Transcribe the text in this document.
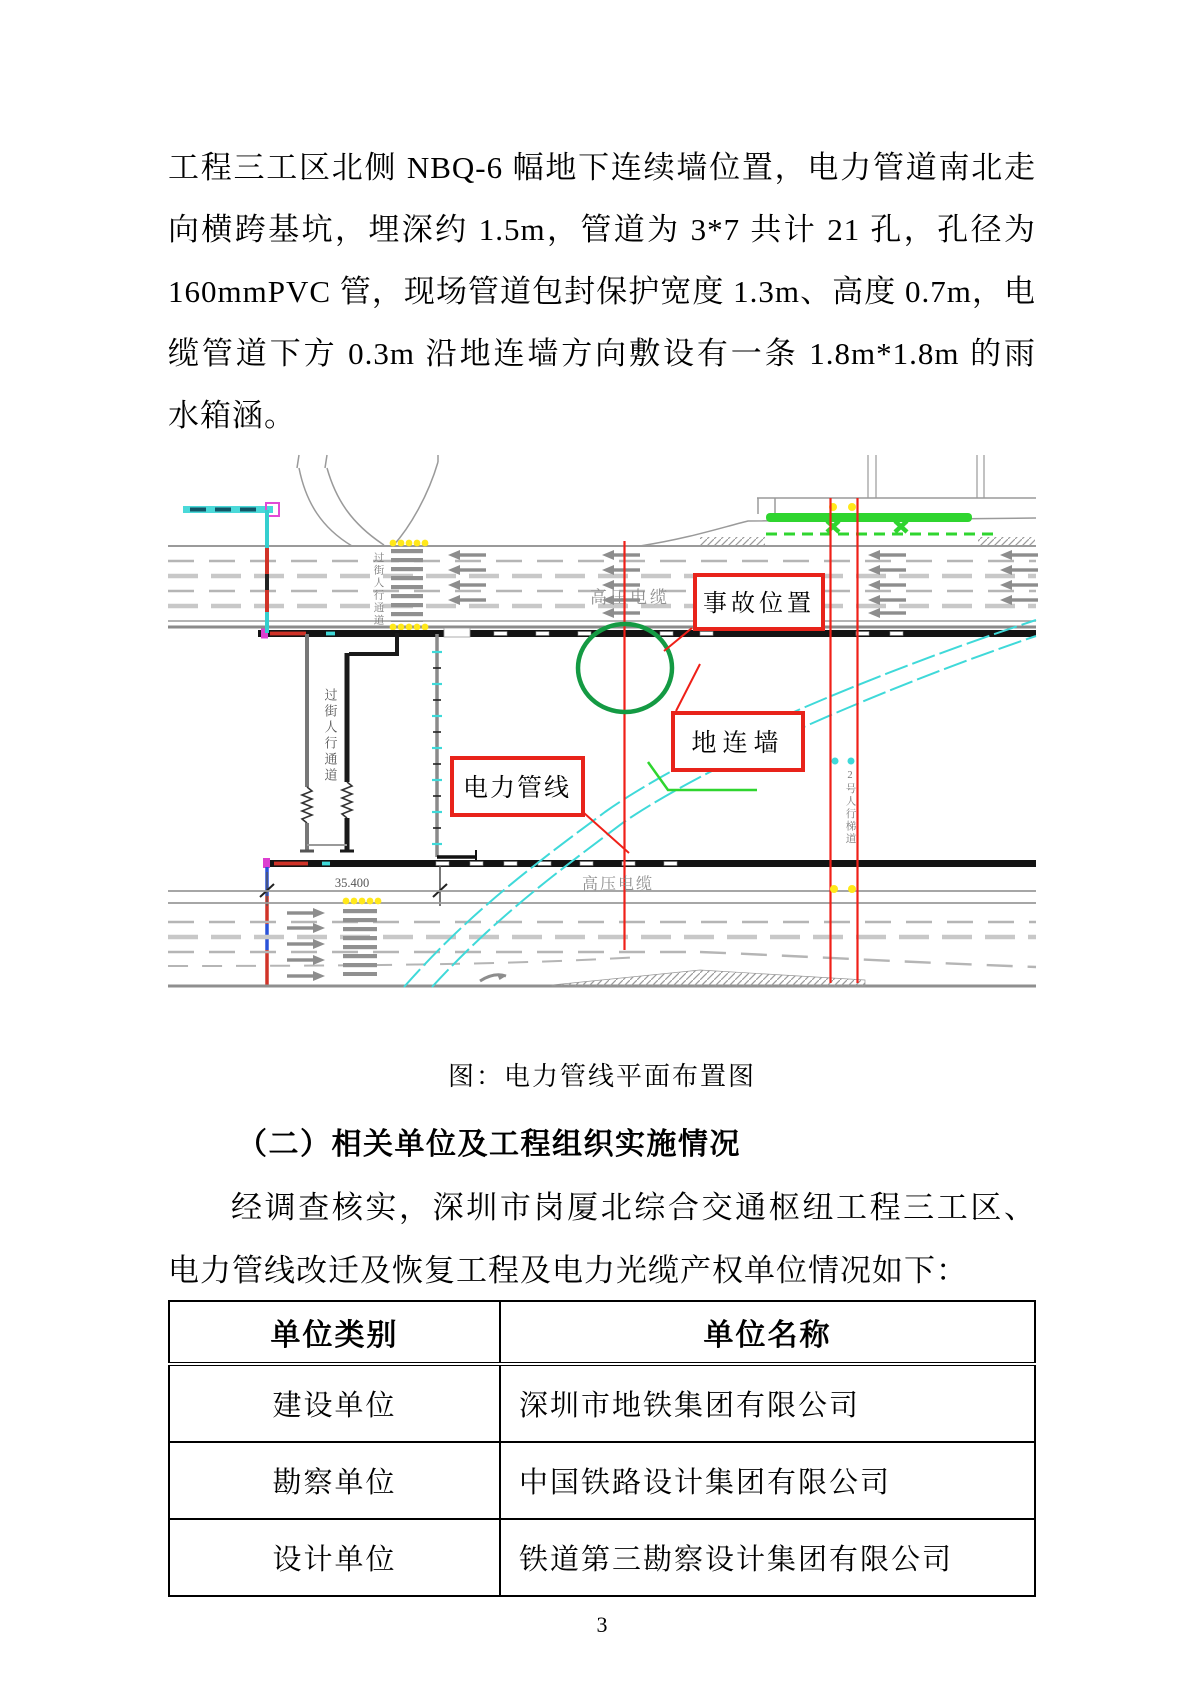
工程三工区北侧 NBQ-6 幅地下连续墙位置，电力管道南北走
向横跨基坑，埋深约 1.5m，管道为 3*7 共计 21 孔，孔径为
160mmPVC 管，现场管道包封保护宽度 1.3m、高度 0.7m，电
缆管道下方 0.3m 沿地连墙方向敷设有一条 1.8m*1.8m 的雨
水箱涵。
高压电缆
35.400
事故位置
地连墙
电力管线
过街人行通道
过街人行通道
2号人行梯道
高压电缆
图：电力管线平面布置图
（二）相关单位及工程组织实施情况
经调查核实，深圳市岗厦北综合交通枢纽工程三工区、
电力管线改迁及恢复工程及电力光缆产权单位情况如下：
单位类别	单位名称
建设单位	深圳市地铁集团有限公司
勘察单位	中国铁路设计集团有限公司
设计单位	铁道第三勘察设计集团有限公司
3
